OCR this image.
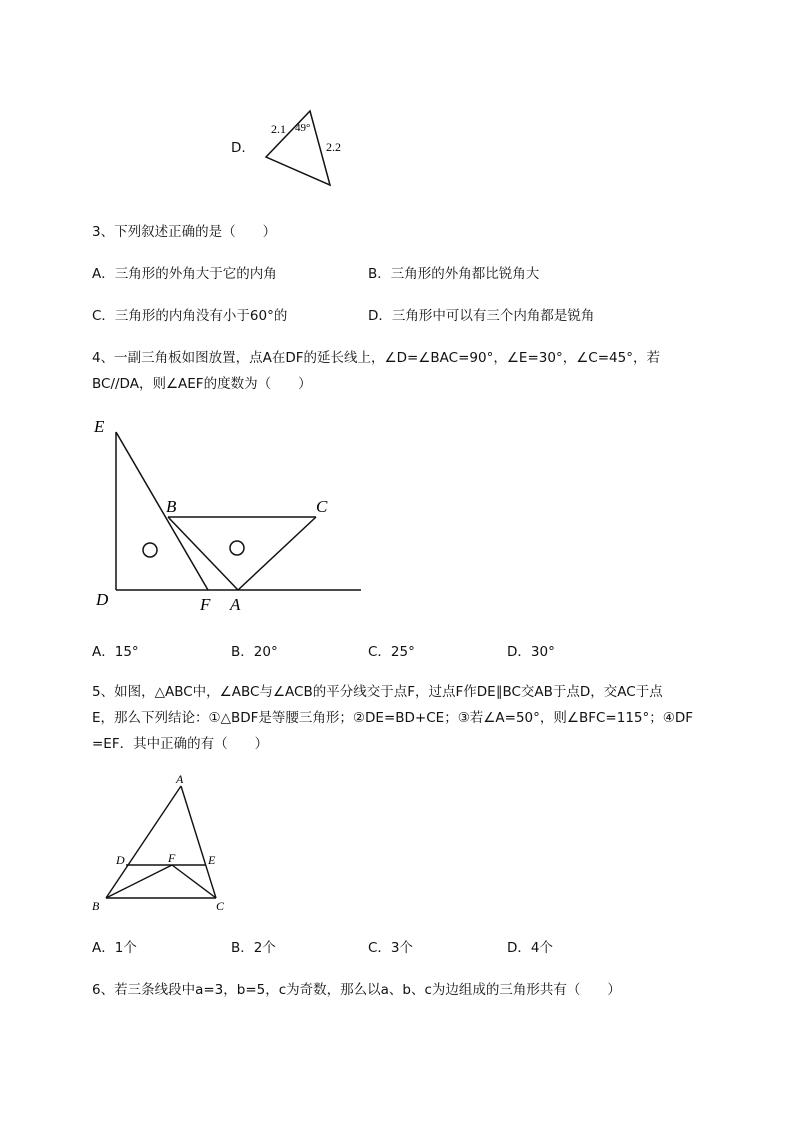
D.
2.1 49°
2.2
3、下列叙述正确的是（　　）
A．三角形的外角大于它的内角	B．三角形的外角都比锐角大
C．三角形的内角没有小于60°的	D．三角形中可以有三个内角都是锐角
4、一副三角板如图放置，点A在DF的延长线上，∠D=∠BAC=90°，∠E=30°，∠C=45°，若
BC//DA，则∠AEF的度数为（　　）
E
B	C
D	F A
A．15°	B．20°	C．25°	D．30°
5、如图，△ABC中，∠ABC与∠ACB的平分线交于点F，过点F作DE∥BC交AB于点D，交AC于点
E，那么下列结论：①△BDF是等腰三角形；②DE=BD+CE；③若∠A=50°，则∠BFC=115°；④DF
=EF．其中正确的有（　　）
A
D	F	E
B	C
A．1个	B．2个	C．3个	D．4个
6、若三条线段中a=3，b=5，c为奇数，那么以a、b、c为边组成的三角形共有（　　）
